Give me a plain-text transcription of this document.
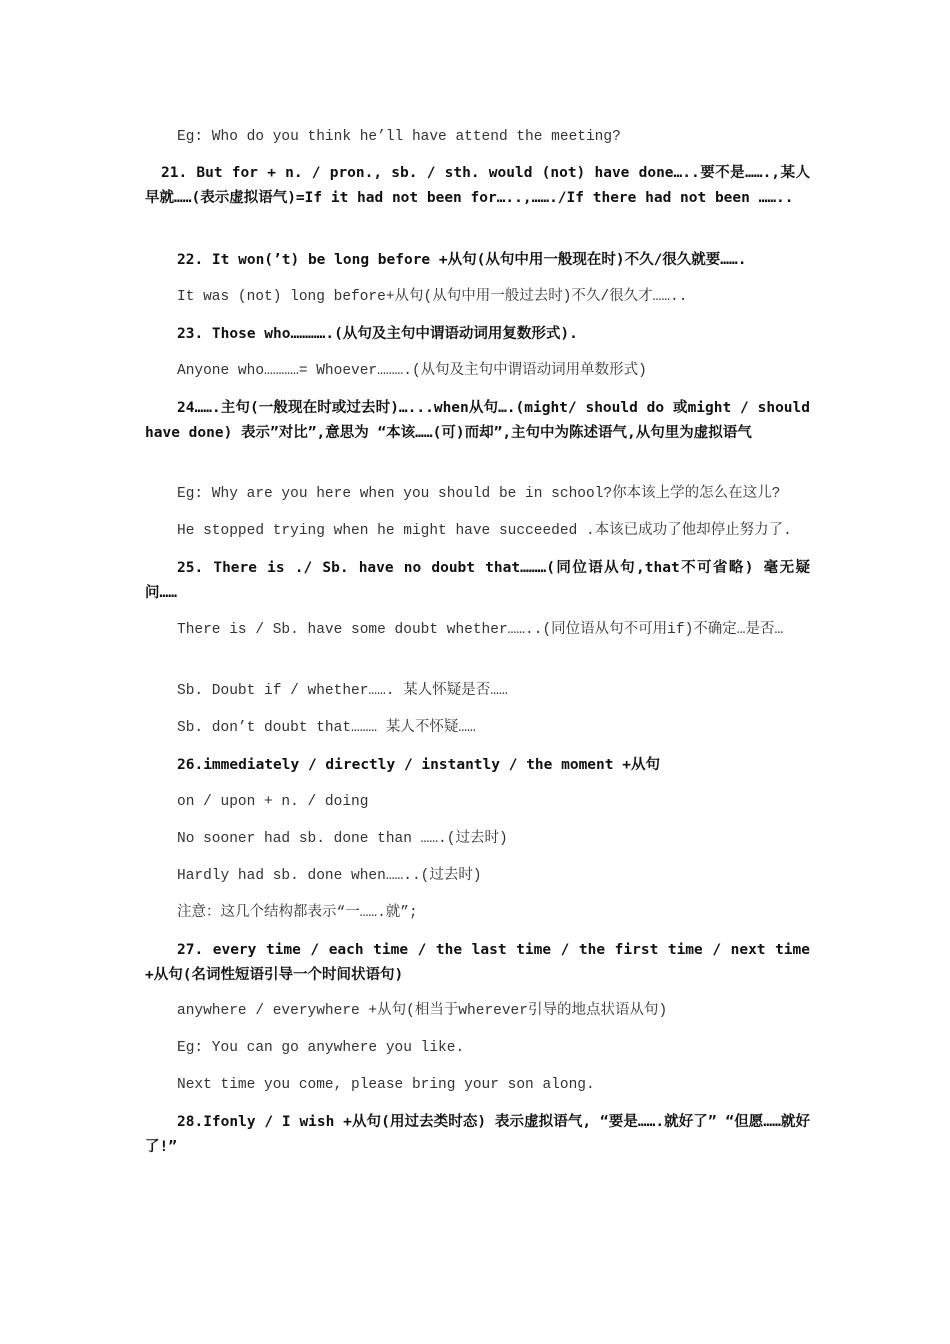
Eg: Who do you think he’ll have attend the meeting?
21. But for + n. / pron., sb. / sth. would (not) have done…..要不是…….,某人早就……(表示虚拟语气)=If it had not been for…..,……./If there had not been ……..
22. It won(’t) be long before +从句(从句中用一般现在时)不久/很久就要…….
It was (not) long before+从句(从句中用一般过去时)不久/很久才……..
23. Those who………….(从句及主句中谓语动词用复数形式).
Anyone who…………= Whoever……….(从句及主句中谓语动词用单数形式)
24…….主句(一般现在时或过去时)…...when从句….(might/ should do 或might / should have done) 表示”对比”,意思为 “本该……(可)而却”,主句中为陈述语气,从句里为虚拟语气
Eg: Why are you here when you should be in school?你本该上学的怎么在这儿?
He stopped trying when he might have succeeded .本该已成功了他却停止努力了.
25. There is ./ Sb. have no doubt that………(同位语从句,that不可省略) 毫无疑问……
There is / Sb. have some doubt whether……..(同位语从句不可用if)不确定…是否…
Sb. Doubt if / whether……. 某人怀疑是否……
Sb. don’t doubt that……… 某人不怀疑……
26.immediately / directly / instantly / the moment +从句
on / upon + n. / doing
No sooner had sb. done than …….(过去时)
Hardly had sb. done when……..(过去时)
注意：这几个结构都表示“一…….就”;
27. every time / each time / the last time / the first time / next time +从句(名词性短语引导一个时间状语句)
anywhere / everywhere +从句(相当于wherever引导的地点状语从句)
Eg: You can go anywhere you like.
Next time you come, please bring your son along.
28.Ifonly / I wish +从句(用过去类时态) 表示虚拟语气, “要是…….就好了” “但愿……就好了!”
